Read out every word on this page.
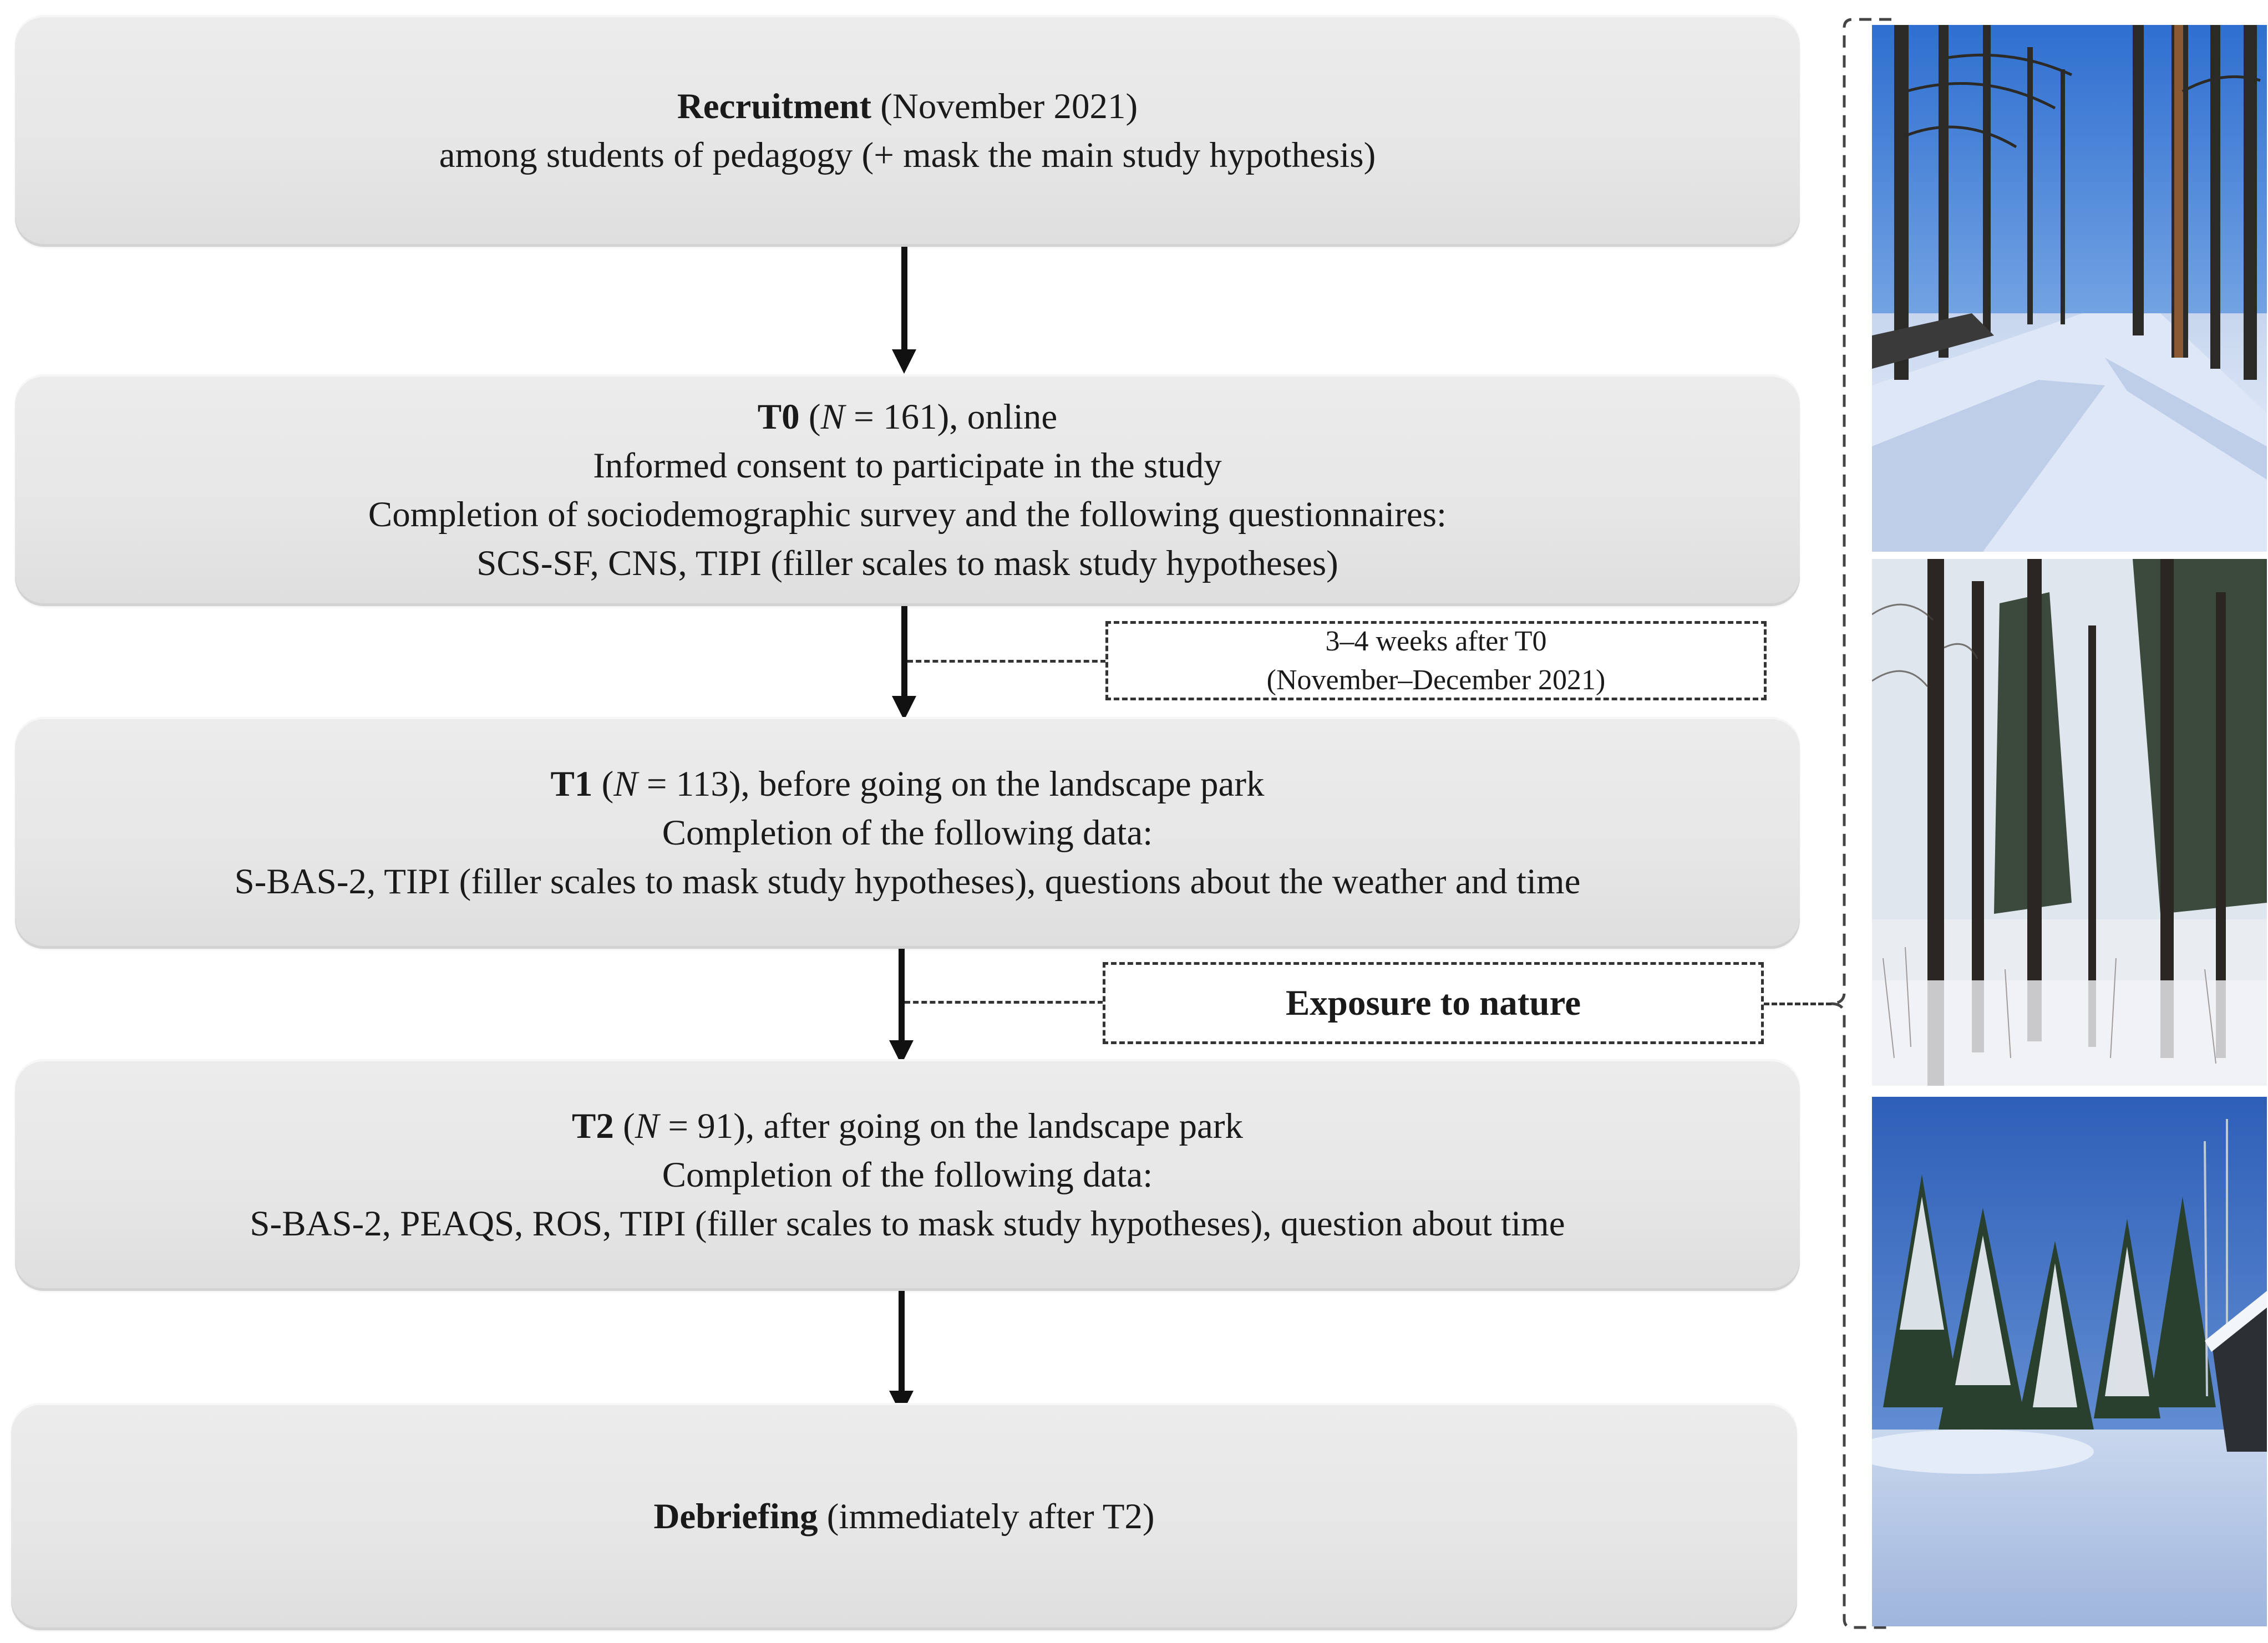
Recruitment (November 2021)
among students of pedagogy (+ mask the main study hypothesis)
T0 (N = 161), online
Informed consent to participate in the study
Completion of sociodemographic survey and the following questionnaires:
SCS-SF, CNS, TIPI (filler scales to mask study hypotheses)
3–4 weeks after T0
(November–December 2021)
T1 (N = 113), before going on the landscape park
Completion of the following data:
S-BAS-2, TIPI (filler scales to mask study hypotheses), questions about the weather and time
Exposure to nature
T2 (N = 91), after going on the landscape park
Completion of the following data:
S-BAS-2, PEAQS, ROS, TIPI (filler scales to mask study hypotheses), question about time
Debriefing (immediately after T2)
